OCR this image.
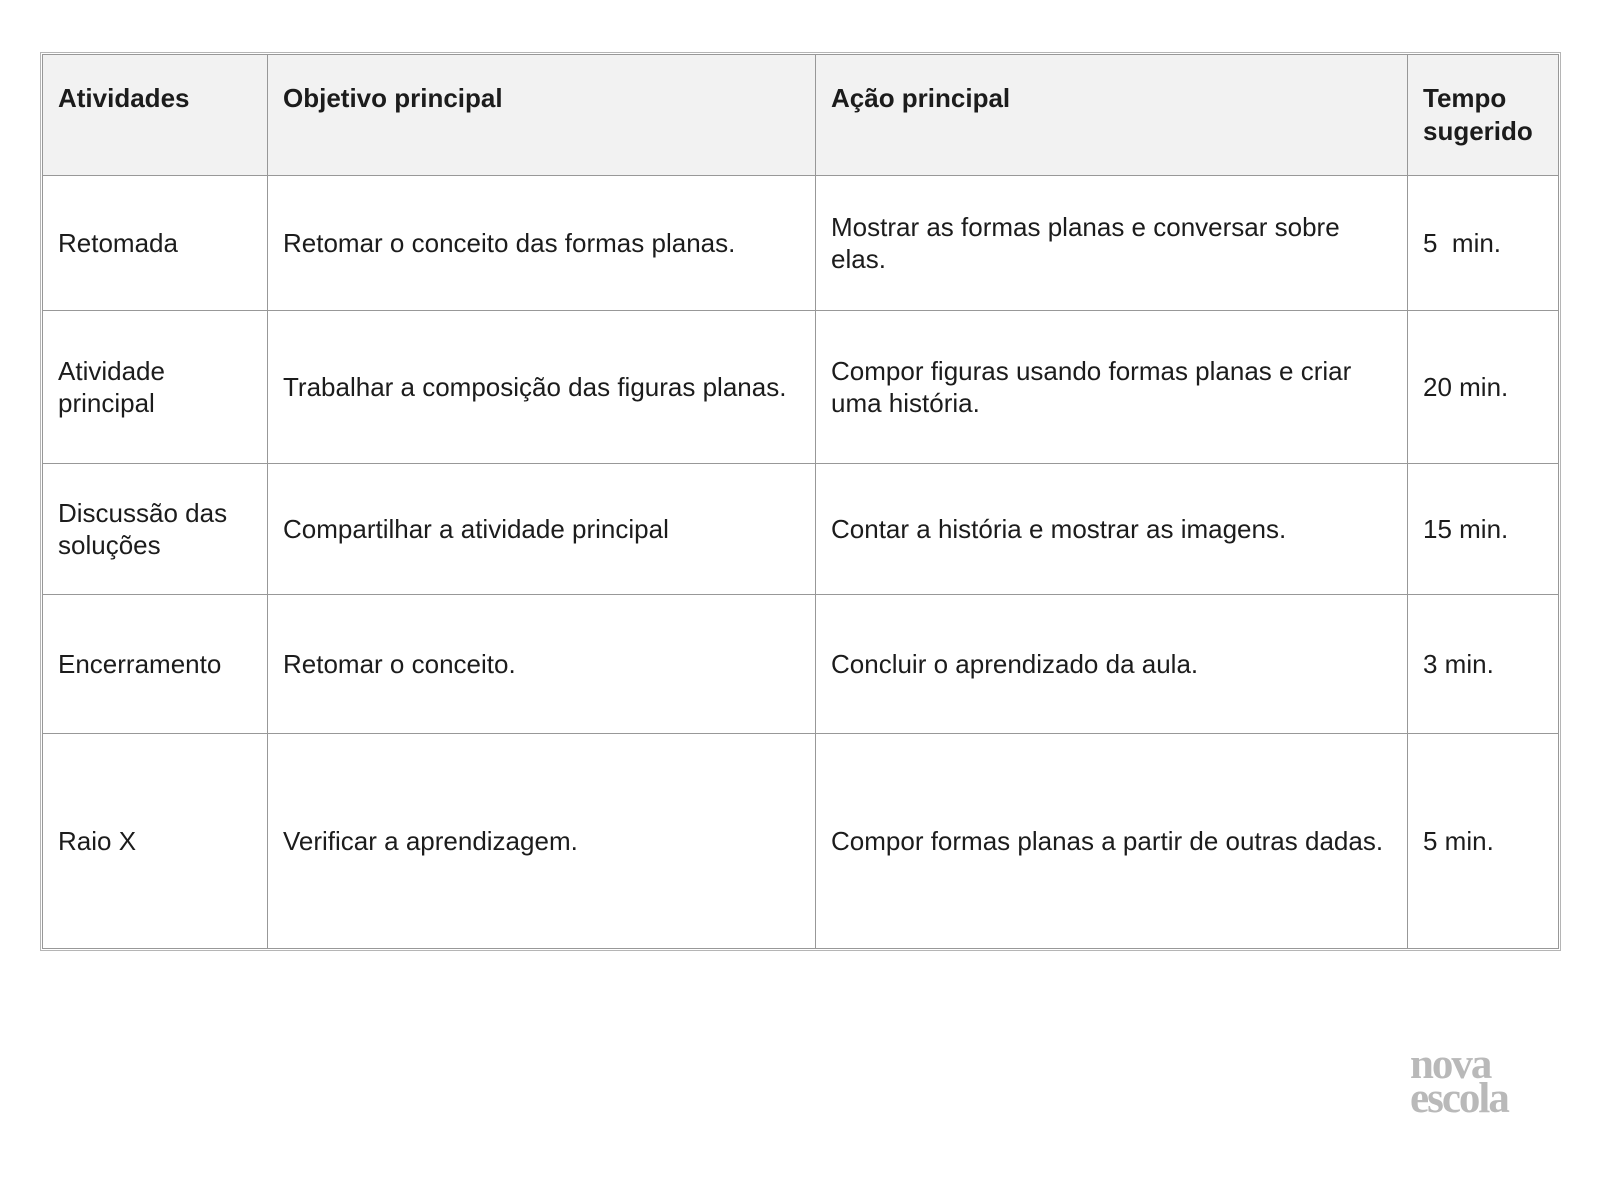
Atividades	Objetivo principal	Ação principal	Tempo sugerido
Retomada	Retomar o conceito das formas planas.	Mostrar as formas planas e conversar sobre elas.	5  min.
Atividade principal	Trabalhar a composição das figuras planas.	Compor figuras usando formas planas e criar uma história.	20 min.
Discussão das soluções	Compartilhar a atividade principal	Contar a história e mostrar as imagens.	15 min.
Encerramento	Retomar o conceito.	Concluir o aprendizado da aula.	3 min.
Raio X	Verificar a aprendizagem.	Compor formas planas a partir de outras dadas.	5 min.
nova
escola
